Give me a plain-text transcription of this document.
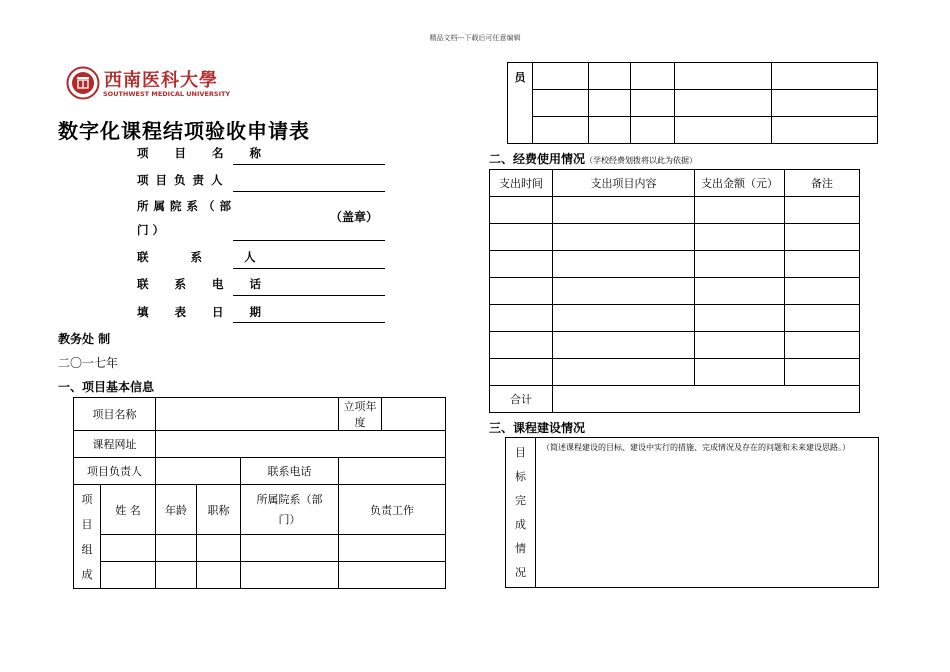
精品文档---下载后可任意编辑
西南医科大學
SOUTHWEST MEDICAL UNIVERSITY
数字化课程结项验收申请表
项 目 名 称
项目负责人
所属院系（部
门 ）
（盖章）
联 系 人
联 系 电 话
填 表 日 期
教务处 制
二〇一七年
一、项目基本信息
项目名称					立项年度	
课程网址						
项目负责人				联系电话		

项目组成	姓 名	年龄	职称	所属院系（部门）	负责工作	

员					

二、经费使用情况（学校经费划拨将以此为依据）
支出时间	支出项目内容	支出金额（元）	备注

合计			
三、课程建设情况
目标完成情况
	（简述课程建设的目标、建设中实行的措施、完成情况及存在的问题和未来建设思路。）
